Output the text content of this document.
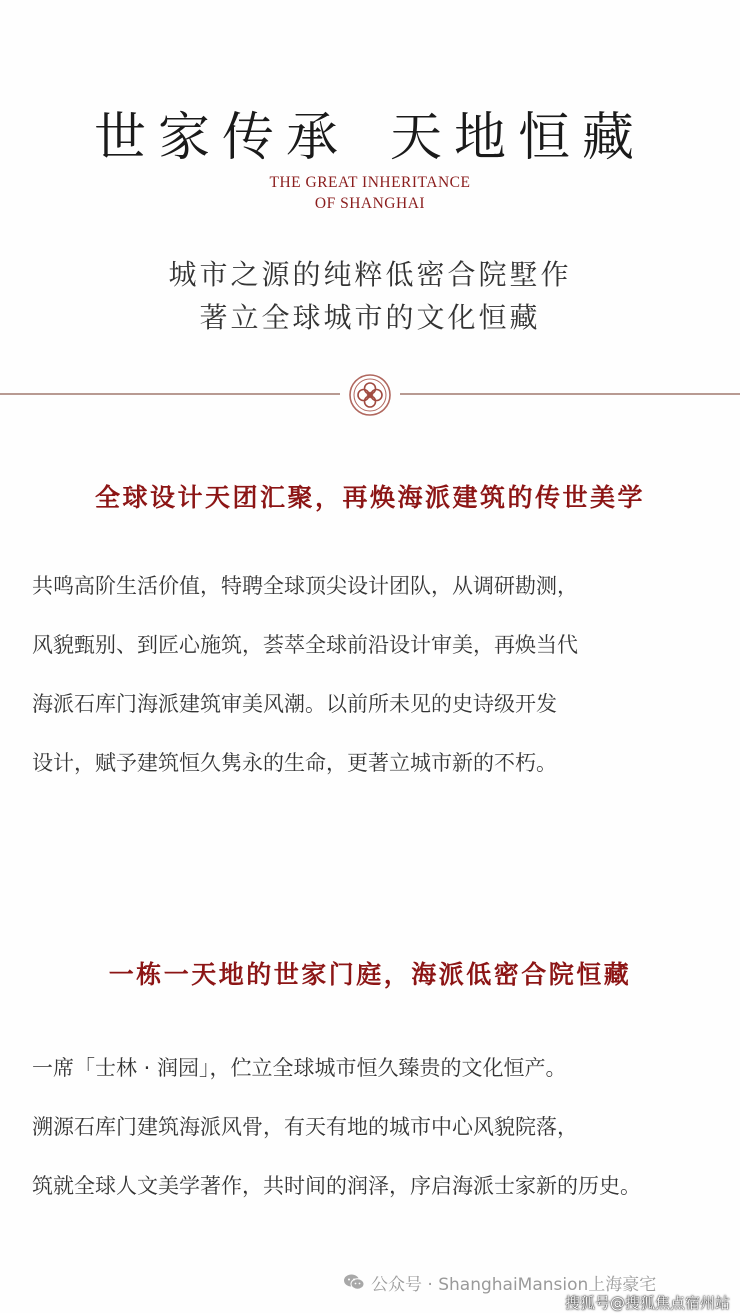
世家传承 天地恒藏
THE GREAT INHERITANCE
OF SHANGHAI
城市之源的纯粹低密合院墅作
著立全球城市的文化恒藏
全球设计天团汇聚，再焕海派建筑的传世美学
共鸣高阶生活价值，特聘全球顶尖设计团队，从调研勘测，
风貌甄别、到匠心施筑，荟萃全球前沿设计审美，再焕当代
海派石库门海派建筑审美风潮。以前所未见的史诗级开发
设计，赋予建筑恒久隽永的生命，更著立城市新的不朽。
一栋一天地的世家门庭，海派低密合院恒藏
一席「士林 · 润园」，伫立全球城市恒久臻贵的文化恒产。
溯源石库门建筑海派风骨，有天有地的城市中心风貌院落，
筑就全球人文美学著作，共时间的润泽，序启海派士家新的历史。
公众号 · ShanghaiMansion上海豪宅
搜狐号@搜狐焦点宿州站
